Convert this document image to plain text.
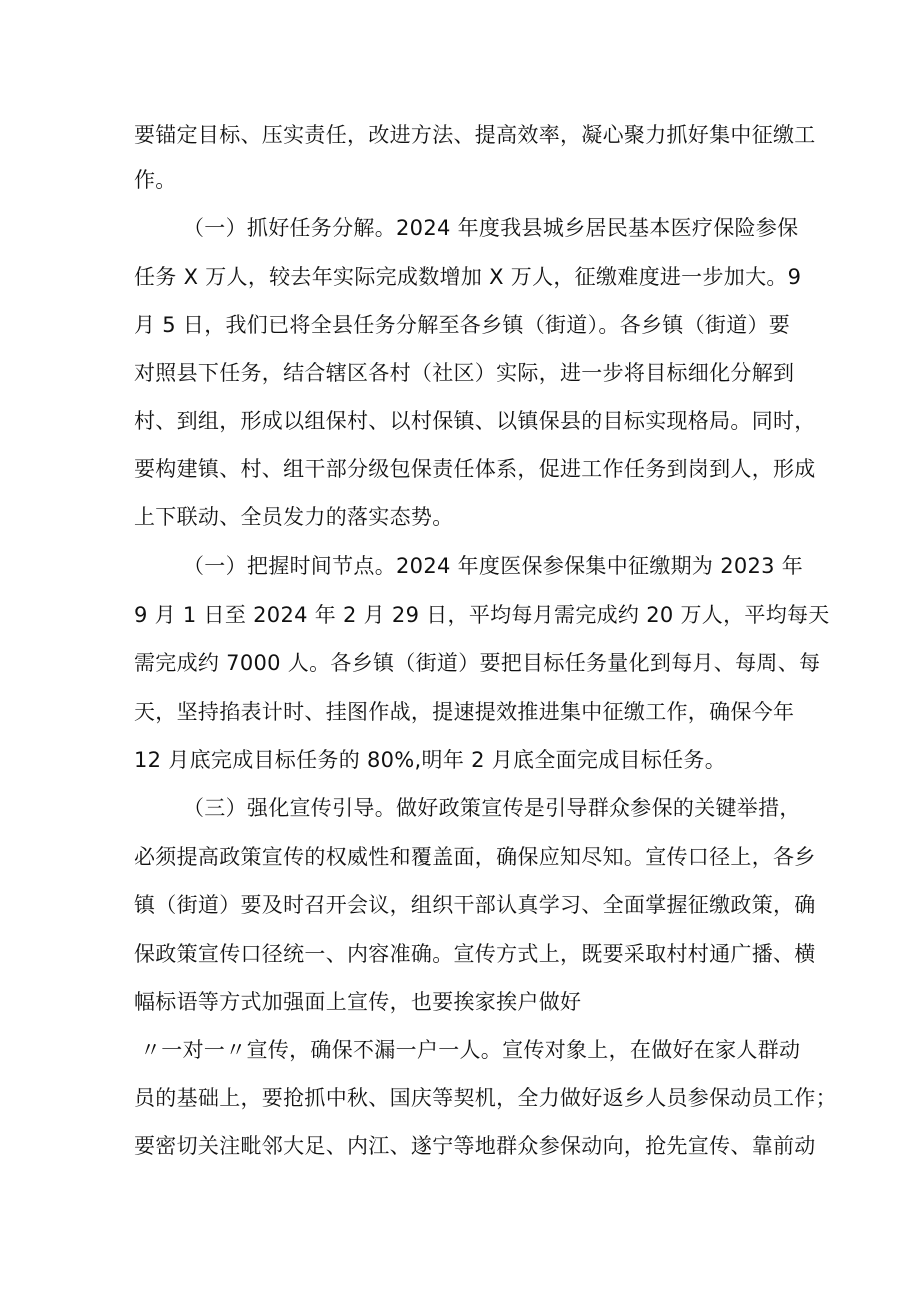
要锚定目标、压实责任，改进方法、提高效率，凝心聚力抓好集中征缴工
作。
（一）抓好任务分解。2024 年度我县城乡居民基本医疗保险参保
任务 X 万人，较去年实际完成数增加 X 万人，征缴难度进一步加大。9
月 5 日，我们已将全县任务分解至各乡镇（街道）。各乡镇（街道）要
对照县下任务，结合辖区各村（社区）实际，进一步将目标细化分解到
村、到组，形成以组保村、以村保镇、以镇保县的目标实现格局。同时，
要构建镇、村、组干部分级包保责任体系，促进工作任务到岗到人，形成
上下联动、全员发力的落实态势。
（一）把握时间节点。2024 年度医保参保集中征缴期为 2023 年
9 月 1 日至 2024 年 2 月 29 日，平均每月需完成约 20 万人，平均每天
需完成约 7000 人。各乡镇（街道）要把目标任务量化到每月、每周、每
天，坚持掐表计时、挂图作战，提速提效推进集中征缴工作，确保今年
12 月底完成目标任务的 80%,明年 2 月底全面完成目标任务。
（三）强化宣传引导。做好政策宣传是引导群众参保的关键举措，
必须提高政策宣传的权威性和覆盖面，确保应知尽知。宣传口径上，各乡
镇（街道）要及时召开会议，组织干部认真学习、全面掌握征缴政策，确
保政策宣传口径统一、内容准确。宣传方式上，既要采取村村通广播、横
幅标语等方式加强面上宣传，也要挨家挨户做好
〃一对一〃宣传，确保不漏一户一人。宣传对象上，在做好在家人群动
员的基础上，要抢抓中秋、国庆等契机，全力做好返乡人员参保动员工作；
要密切关注毗邻大足、内江、遂宁等地群众参保动向，抢先宣传、靠前动
